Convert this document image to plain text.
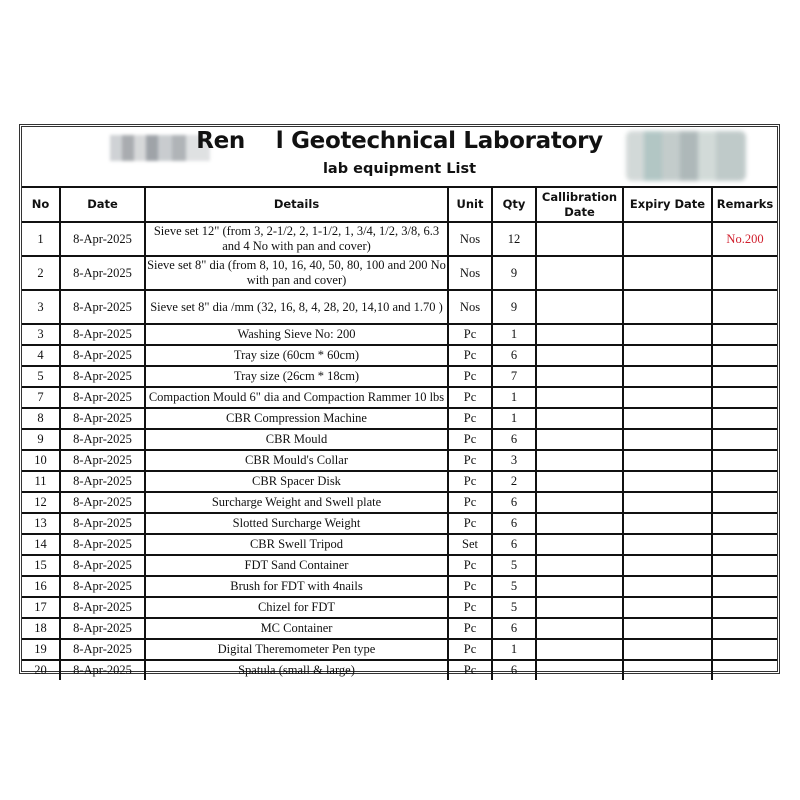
Ren    l Geotechnical Laboratory
lab equipment List
No	Date	Details	Unit	Qty	Callibration Date	Expiry Date	Remarks
1	8-Apr-2025	Sieve set 12" (from 3, 2-1/2, 2, 1-1/2, 1, 3/4, 1/2, 3/8, 6.3 and 4 No with pan and cover)	Nos	12			No.200
2	8-Apr-2025	Sieve set 8" dia (from 8, 10, 16, 40, 50, 80, 100 and 200 No with pan and cover)	Nos	9			
3	8-Apr-2025	Sieve set 8" dia /mm (32, 16, 8, 4, 28, 20, 14,10 and 1.70 )	Nos	9			
3	8-Apr-2025	Washing Sieve No: 200	Pc	1			
4	8-Apr-2025	Tray size (60cm * 60cm)	Pc	6			
5	8-Apr-2025	Tray size (26cm * 18cm)	Pc	7			
7	8-Apr-2025	Compaction Mould 6" dia and Compaction Rammer 10 lbs	Pc	1			
8	8-Apr-2025	CBR Compression Machine	Pc	1			
9	8-Apr-2025	CBR Mould	Pc	6			
10	8-Apr-2025	CBR Mould's Collar	Pc	3			
11	8-Apr-2025	CBR Spacer Disk	Pc	2			
12	8-Apr-2025	Surcharge Weight and Swell plate	Pc	6			
13	8-Apr-2025	Slotted Surcharge Weight	Pc	6			
14	8-Apr-2025	CBR Swell Tripod	Set	6			
15	8-Apr-2025	FDT Sand Container	Pc	5			
16	8-Apr-2025	Brush for FDT with 4nails	Pc	5			
17	8-Apr-2025	Chizel for FDT	Pc	5			
18	8-Apr-2025	MC Container	Pc	6			
19	8-Apr-2025	Digital Theremometer Pen type	Pc	1			
20	8-Apr-2025	Spatula (small & large)	Pc	6			
